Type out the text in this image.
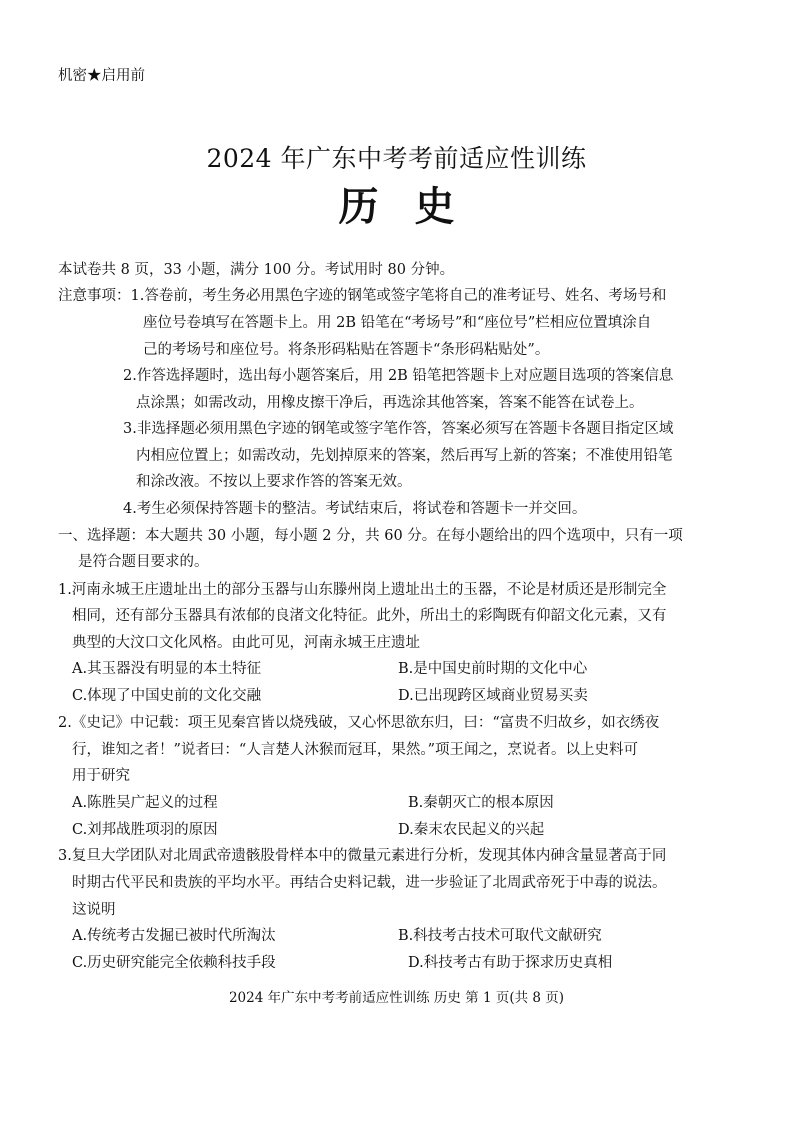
机密★启用前
2024 年广东中考考前适应性训练
历史
本试卷共 8 页，33 小题，满分 100 分。考试用时 80 分钟。
注意事项：1.答卷前，考生务必用黑色字迹的钢笔或签字笔将自己的准考证号、姓名、考场号和
座位号卷填写在答题卡上。用 2B 铅笔在“考场号”和“座位号”栏相应位置填涂自
己的考场号和座位号。将条形码粘贴在答题卡“条形码粘贴处”。
2.作答选择题时，选出每小题答案后，用 2B 铅笔把答题卡上对应题目选项的答案信息
点涂黑；如需改动，用橡皮擦干净后，再选涂其他答案，答案不能答在试卷上。
3.非选择题必须用黑色字迹的钢笔或签字笔作答，答案必须写在答题卡各题目指定区域
内相应位置上；如需改动，先划掉原来的答案，然后再写上新的答案；不准使用铅笔
和涂改液。不按以上要求作答的答案无效。
4.考生必须保持答题卡的整洁。考试结束后，将试卷和答题卡一并交回。
一、选择题：本大题共 30 小题，每小题 2 分，共 60 分。在每小题给出的四个选项中，只有一项
是符合题目要求的。
1.河南永城王庄遗址出土的部分玉器与山东滕州岗上遗址出土的玉器，不论是材质还是形制完全
相同，还有部分玉器具有浓郁的良渚文化特征。此外，所出土的彩陶既有仰韶文化元素，又有
典型的大汶口文化风格。由此可见，河南永城王庄遗址
A.其玉器没有明显的本土特征	B.是中国史前时期的文化中心
C.体现了中国史前的文化交融	D.已出现跨区域商业贸易买卖
2.《史记》中记载：项王见秦宫皆以烧残破，又心怀思欲东归，曰：“富贵不归故乡，如衣绣夜
行，谁知之者！”说者曰：“人言楚人沐猴而冠耳，果然。”项王闻之，烹说者。以上史料可
用于研究
A.陈胜吴广起义的过程	B.秦朝灭亡的根本原因
C.刘邦战胜项羽的原因	D.秦末农民起义的兴起
3.复旦大学团队对北周武帝遗骸股骨样本中的微量元素进行分析，发现其体内砷含量显著高于同
时期古代平民和贵族的平均水平。再结合史料记载，进一步验证了北周武帝死于中毒的说法。
这说明
A.传统考古发掘已被时代所淘汰	B.科技考古技术可取代文献研究
C.历史研究能完全依赖科技手段	D.科技考古有助于探求历史真相
2024 年广东中考考前适应性训练 历史 第 1 页(共 8 页)
